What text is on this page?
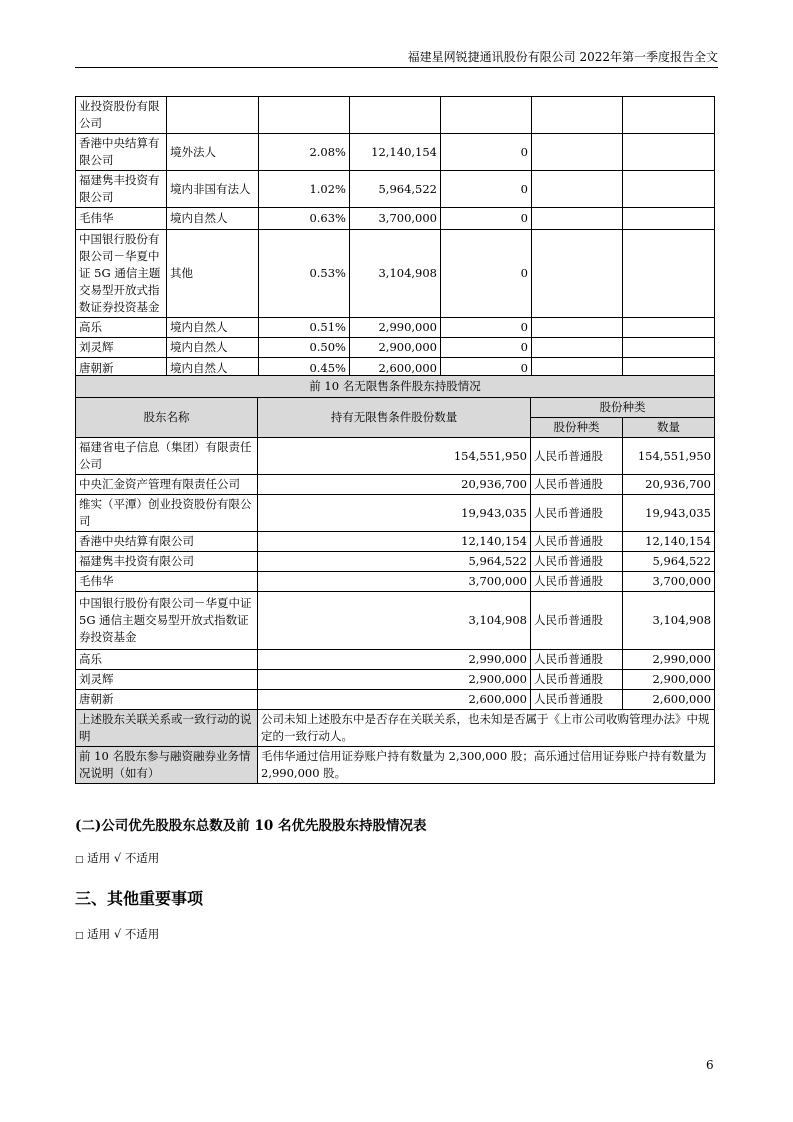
福建星网锐捷通讯股份有限公司 2022年第一季度报告全文
业投资股份有限公司						
香港中央结算有限公司	境外法人	2.08%	12,140,154	0		
福建隽丰投资有限公司	境内非国有法人	1.02%	5,964,522	0		
毛伟华	境内自然人	0.63%	3,700,000	0		
中国银行股份有限公司－华夏中证 5G 通信主题交易型开放式指数证券投资基金	其他	0.53%	3,104,908	0		
高乐	境内自然人	0.51%	2,990,000	0		
刘灵辉	境内自然人	0.50%	2,900,000	0		
唐朝新	境内自然人	0.45%	2,600,000	0		
前 10 名无限售条件股东持股情况			
股东名称	持有无限售条件股份数量	股份种类	
		股份种类	数量
福建省电子信息（集团）有限责任公司	154,551,950	人民币普通股	154,551,950
中央汇金资产管理有限责任公司	20,936,700	人民币普通股	20,936,700
维实（平潭）创业投资股份有限公司	19,943,035	人民币普通股	19,943,035
香港中央结算有限公司	12,140,154	人民币普通股	12,140,154
福建隽丰投资有限公司	5,964,522	人民币普通股	5,964,522
毛伟华	3,700,000	人民币普通股	3,700,000
中国银行股份有限公司－华夏中证 5G 通信主题交易型开放式指数证券投资基金	3,104,908	人民币普通股	3,104,908
高乐	2,990,000	人民币普通股	2,990,000
刘灵辉	2,900,000	人民币普通股	2,900,000
唐朝新	2,600,000	人民币普通股	2,600,000
上述股东关联关系或一致行动的说明	公司未知上述股东中是否存在关联关系，也未知是否属于《上市公司收购管理办法》中规定的一致行动人。		
前 10 名股东参与融资融券业务情况说明（如有）	毛伟华通过信用证券账户持有数量为 2,300,000 股；高乐通过信用证券账户持有数量为 2,990,000 股。		
(二)公司优先股股东总数及前 10 名优先股股东持股情况表
□ 适用 √ 不适用
三、其他重要事项
□ 适用 √ 不适用
6
